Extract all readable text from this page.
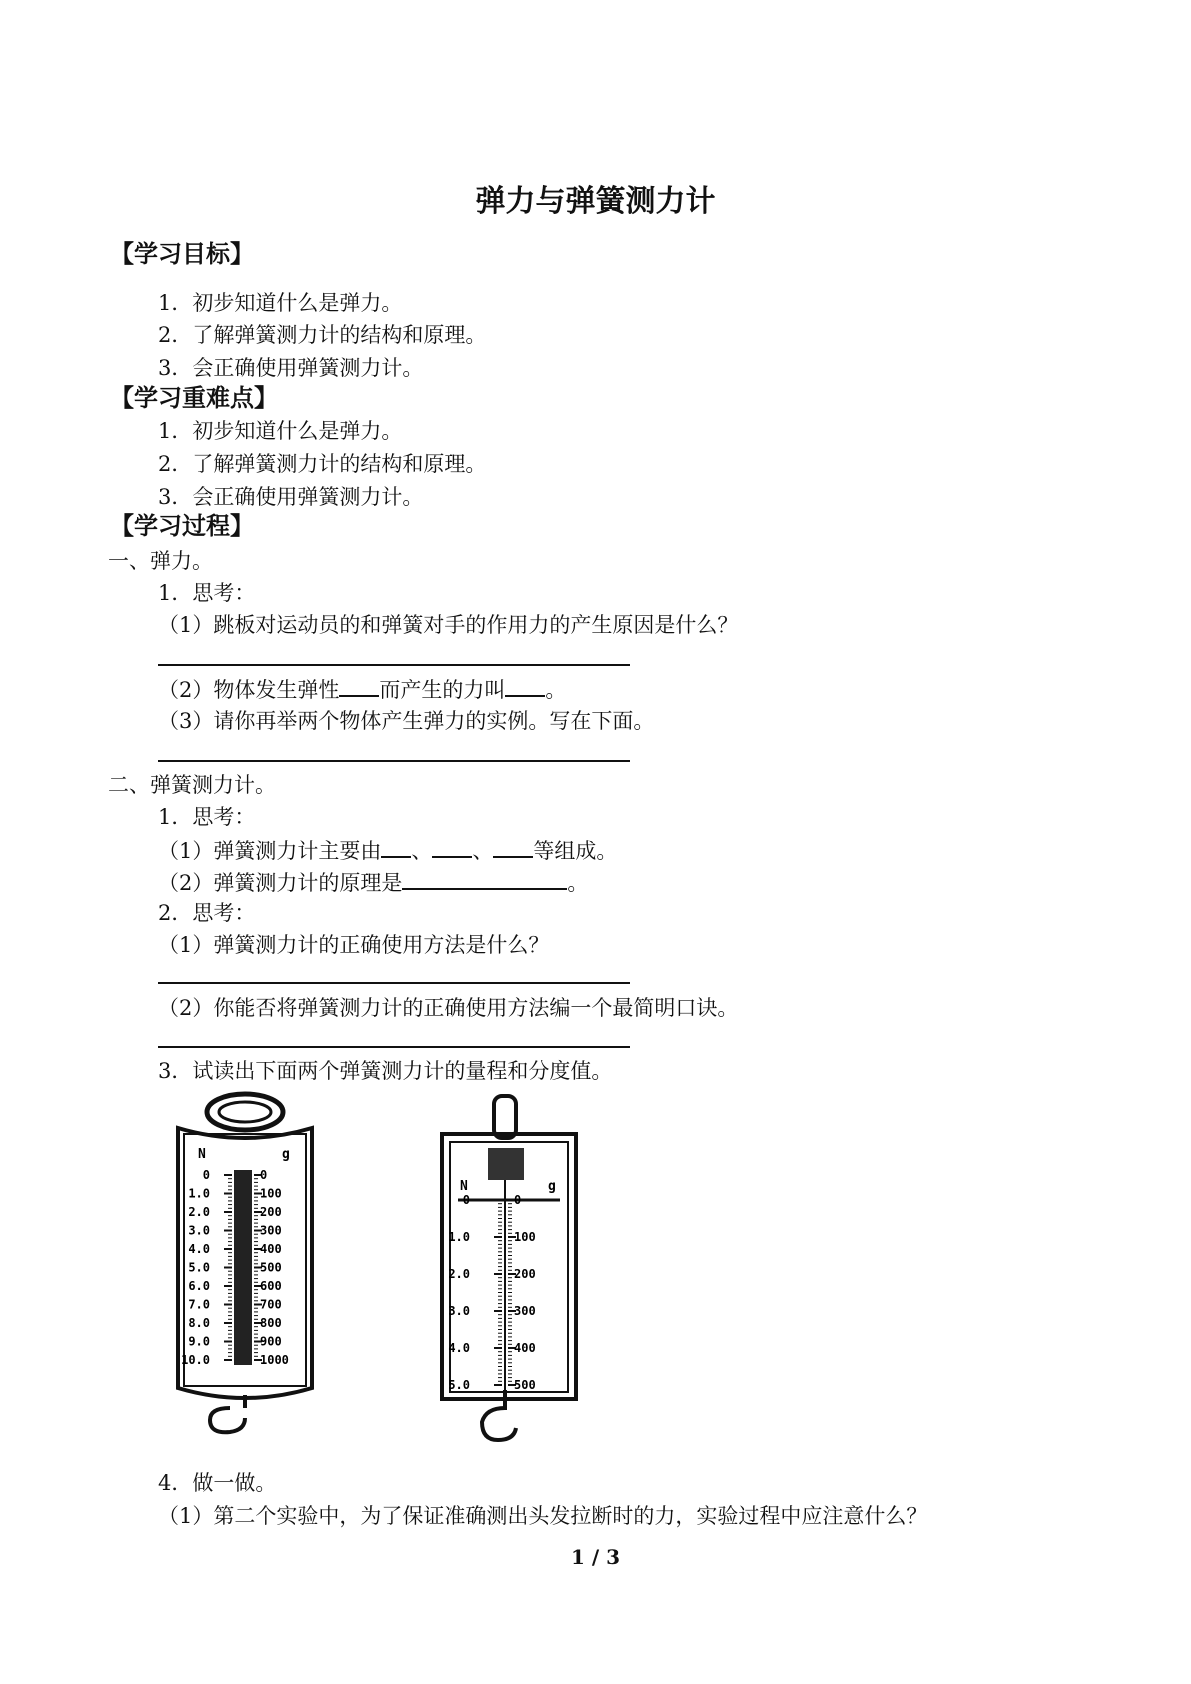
弹力与弹簧测力计
【学习目标】
1．初步知道什么是弹力。
2．了解弹簧测力计的结构和原理。
3．会正确使用弹簧测力计。
【学习重难点】
1．初步知道什么是弹力。
2．了解弹簧测力计的结构和原理。
3．会正确使用弹簧测力计。
【学习过程】
一、弹力。
1．思考：
（1）跳板对运动员的和弹簧对手的作用力的产生原因是什么？
（2）物体发生弹性 而产生的力叫 。
（3）请你再举两个物体产生弹力的实例。写在下面。
二、弹簧测力计。
1．思考：
（1）弹簧测力计主要由 、 、 等组成。
（2）弹簧测力计的原理是	。
2．思考：
（1）弹簧测力计的正确使用方法是什么？
（2）你能否将弹簧测力计的正确使用方法编一个最简明口诀。
3．试读出下面两个弹簧测力计的量程和分度值。
N	g
0	0
1.0	100
2.0	200
3.0	300
4.0	400
5.0	500
6.0	600
7.0	700
8.0	800
9.0	900
10.0	1000
N	g
0	0
1.0	100
2.0	200
3.0	300
4.0	400
5.0	500
4．做一做。
（1）第二个实验中，为了保证准确测出头发拉断时的力，实验过程中应注意什么？
1 / 3
